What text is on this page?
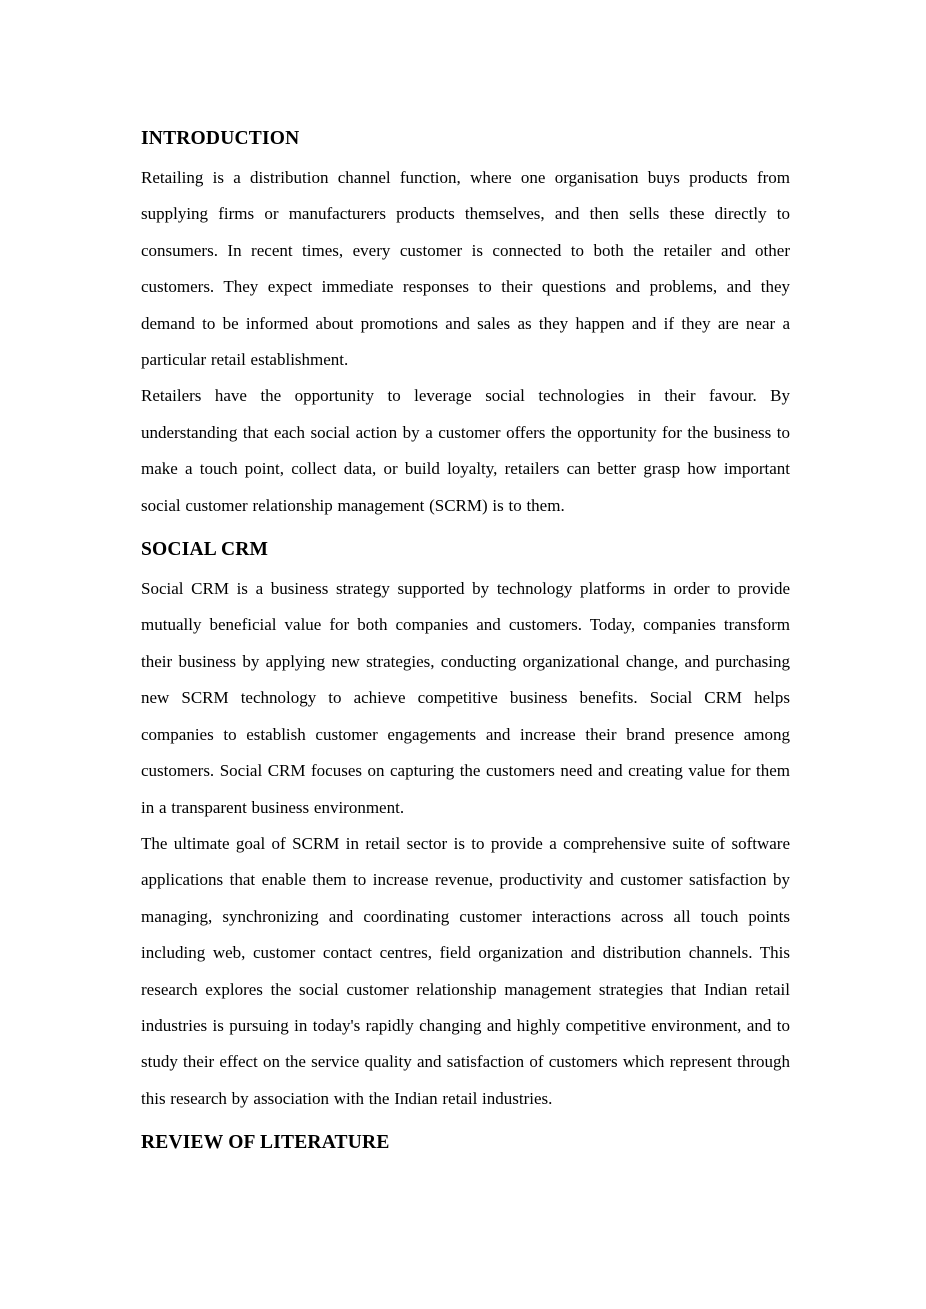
INTRODUCTION

Retailing is a distribution channel function, where one organisation buys products from supplying firms or manufacturers products themselves, and then sells these directly to consumers. In recent times, every customer is connected to both the retailer and other customers. They expect immediate responses to their questions and problems, and they demand to be informed about promotions and sales as they happen and if they are near a particular retail establishment.

Retailers have the opportunity to leverage social technologies in their favour. By understanding that each social action by a customer offers the opportunity for the business to make a touch point, collect data, or build loyalty, retailers can better grasp how important social customer relationship management (SCRM) is to them.

SOCIAL CRM

Social CRM is a business strategy supported by technology platforms in order to provide mutually beneficial value for both companies and customers. Today, companies transform their business by applying new strategies, conducting organizational change, and purchasing new SCRM technology to achieve competitive business benefits. Social CRM helps companies to establish customer engagements and increase their brand presence among customers. Social CRM focuses on capturing the customers need and creating value for them in a transparent business environment.

The ultimate goal of SCRM in retail sector is to provide a comprehensive suite of software applications that enable them to increase revenue, productivity and customer satisfaction by managing, synchronizing and coordinating customer interactions across all touch points including web, customer contact centres, field organization and distribution channels. This research explores the social customer relationship management strategies that Indian retail industries is pursuing in today's rapidly changing and highly competitive environment, and to study their effect on the service quality and satisfaction of customers which represent through this research by association with the Indian retail industries.

REVIEW OF LITERATURE
